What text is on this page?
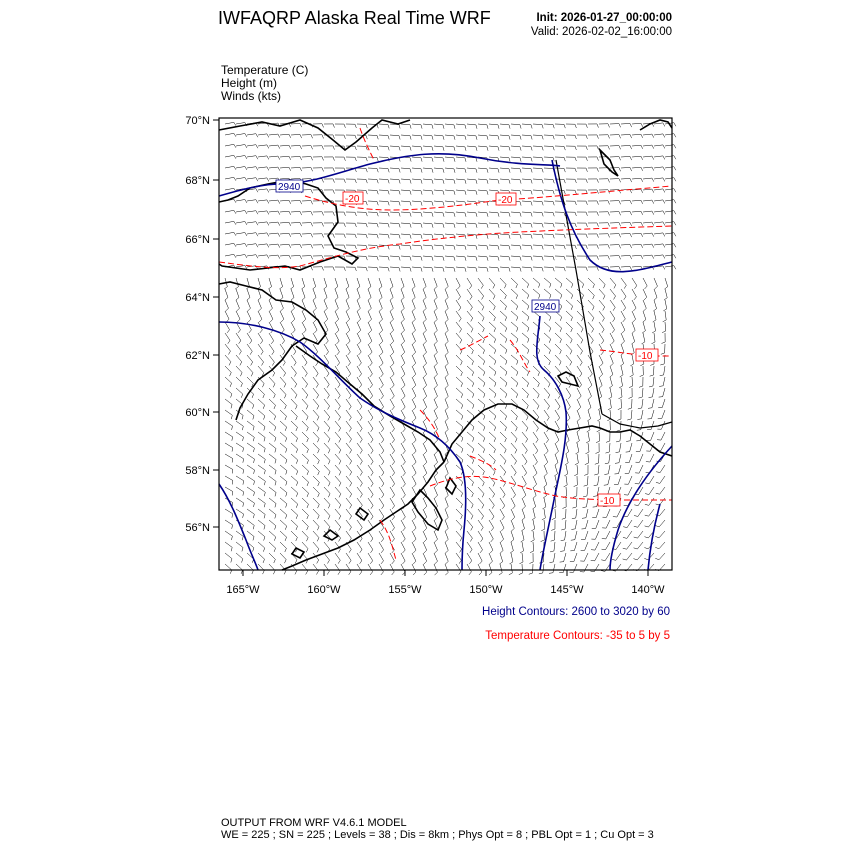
IWFAQRP Alaska Real Time WRF	Init: 2026-01-27_00:00:00
Valid: 2026-02-02_16:00:00
Temperature (C)
Height (m)
Winds (kts)
70°N
68°N
66°N
64°N
62°N
60°N
58°N
56°N
165°W	160°W	155°W	150°W	145°W	140°W
2940
2940
-20	-20
-10
-10
Height Contours: 2600 to 3020 by 60
Temperature Contours: -35 to 5 by 5
OUTPUT FROM WRF V4.6.1 MODEL
WE = 225 ; SN = 225 ; Levels = 38 ; Dis = 8km ; Phys Opt = 8 ; PBL Opt = 1 ; Cu Opt = 3
